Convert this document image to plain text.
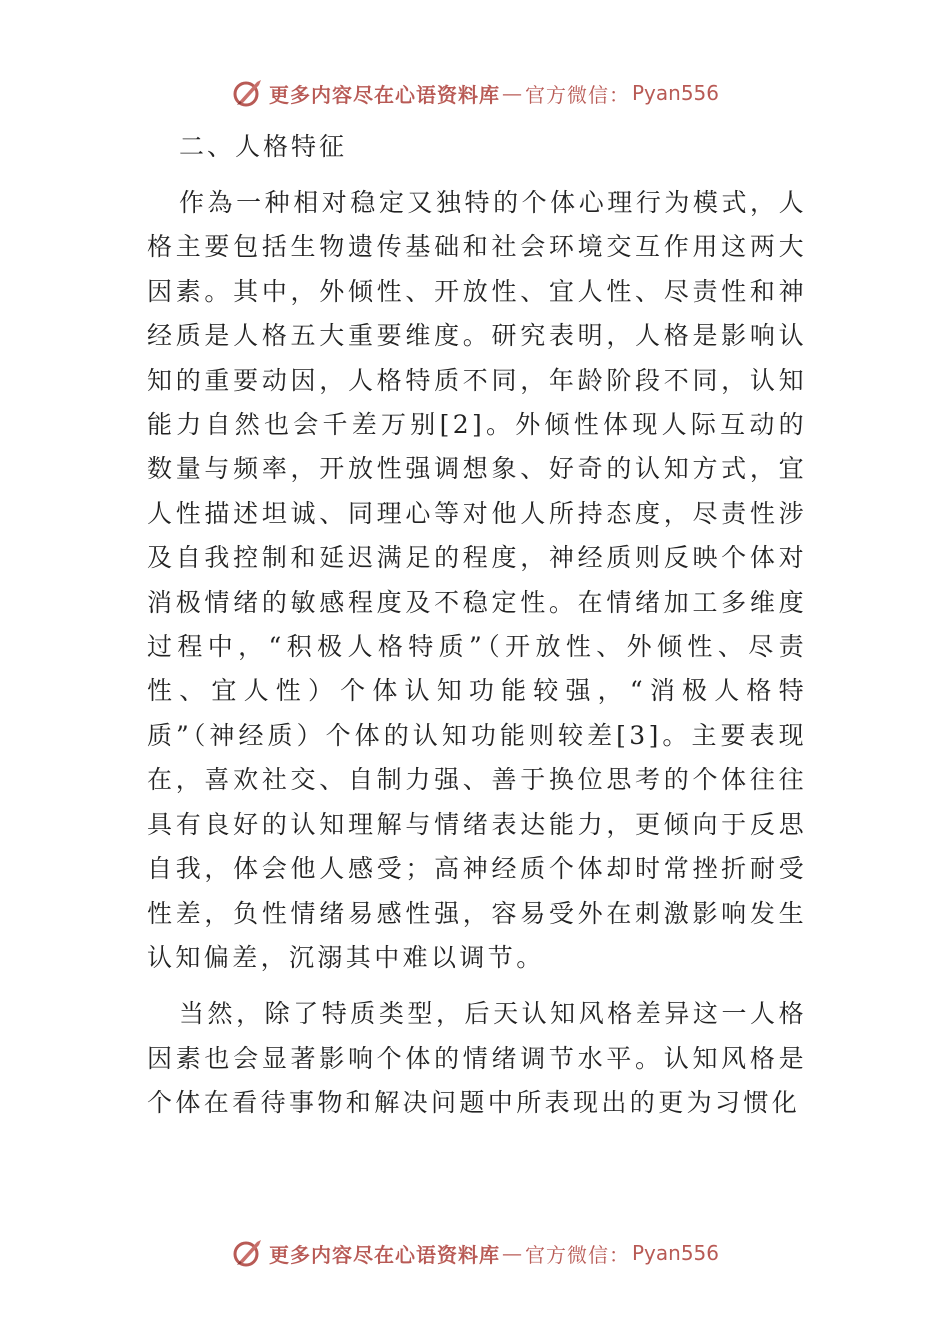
更多内容尽在心语资料库 — 官方微信： Pyan556
二、人格特征

作為一种相对稳定又独特的个体心理行为模式，人格主要包括生物遗传基础和社会环境交互作用这两大因素。其中，外倾性、开放性、宜人性、尽责性和神经质是人格五大重要维度。研究表明，人格是影响认知的重要动因，人格特质不同，年龄阶段不同，认知能力自然也会千差万别[2]。外倾性体现人际互动的数量与频率，开放性强调想象、好奇的认知方式，宜人性描述坦诚、同理心等对他人所持态度，尽责性涉及自我控制和延迟满足的程度，神经质则反映个体对消极情绪的敏感程度及不稳定性。在情绪加工多维度过程中，“积极人格特质”（开放性、外倾性、尽责性、宜人性）个体认知功能较强，“消极人格特质”（神经质）个体的认知功能则较差[3]。主要表现在，喜欢社交、自制力强、善于换位思考的个体往往具有良好的认知理解与情绪表达能力，更倾向于反思自我，体会他人感受；高神经质个体却时常挫折耐受性差，负性情绪易感性强，容易受外在刺激影响发生认知偏差，沉溺其中难以调节。

当然，除了特质类型，后天认知风格差异这一人格因素也会显著影响个体的情绪调节水平。认知风格是个体在看待事物和解决问题中所表现出的更为习惯化

更多内容尽在心语资料库 — 官方微信： Pyan556
